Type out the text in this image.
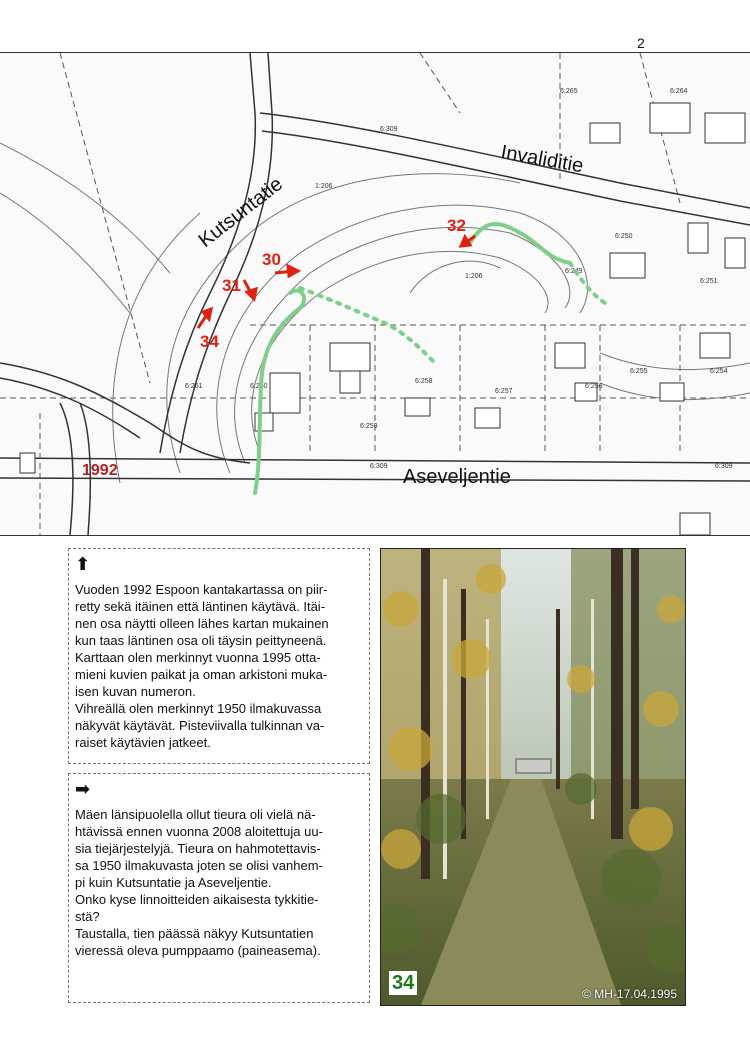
2
6:265	6:264
6:250
6:249
6:251
1:206
1:206
6:258
6:257
6:256
6:255	6:254
6:259
6:260
6:261
6:309
6:309
6:309
Kutsuntatie
Invaliditie
Aseveljentie
1992
30
31
32
34
⬆
Vuoden 1992 Espoon kantakartassa on piir-
retty sekä itäinen että läntinen käytävä. Itäi-
nen osa näytti olleen lähes kartan mukainen
kun taas läntinen osa oli täysin peittyneenä.
Karttaan olen merkinnyt vuonna 1995 otta-
mieni kuvien paikat ja oman arkistoni muka-
isen kuvan numeron.
Vihreällä olen merkinnyt 1950 ilmakuvassa
näkyvät käytävät. Pisteviivalla tulkinnan va-
raiset käytävien jatkeet.
➡
Mäen länsipuolella ollut tieura oli vielä nä-
htävissä ennen vuonna 2008 aloitettuja uu-
sia tiejärjestelyjä. Tieura on hahmotettavis-
sa 1950 ilmakuvasta joten se olisi vanhem-
pi kuin Kutsuntatie ja Aseveljentie.
Onko kyse linnoitteiden aikaisesta tykkitie-
stä?
Taustalla, tien päässä näkyy Kutsuntatien
vieressä oleva pumppaamo (paineasema).
34	© MH-17.04.1995
